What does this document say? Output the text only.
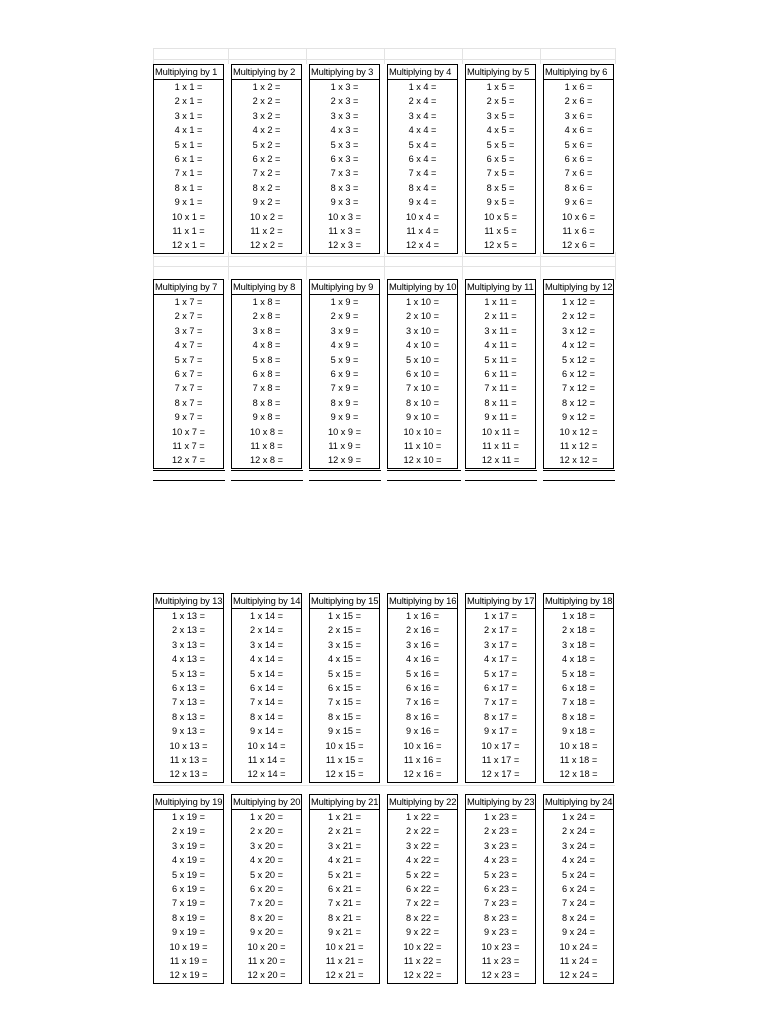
Multiplying by 1
1 x 1 =
2 x 1 =
3 x 1 =
4 x 1 =
5 x 1 =
6 x 1 =
7 x 1 =
8 x 1 =
9 x 1 =
10 x 1 =
11 x 1 =
12 x 1 =
Multiplying by 2
1 x 2 =
2 x 2 =
3 x 2 =
4 x 2 =
5 x 2 =
6 x 2 =
7 x 2 =
8 x 2 =
9 x 2 =
10 x 2 =
11 x 2 =
12 x 2 =
Multiplying by 3
1 x 3 =
2 x 3 =
3 x 3 =
4 x 3 =
5 x 3 =
6 x 3 =
7 x 3 =
8 x 3 =
9 x 3 =
10 x 3 =
11 x 3 =
12 x 3 =
Multiplying by 4
1 x 4 =
2 x 4 =
3 x 4 =
4 x 4 =
5 x 4 =
6 x 4 =
7 x 4 =
8 x 4 =
9 x 4 =
10 x 4 =
11 x 4 =
12 x 4 =
Multiplying by 5
1 x 5 =
2 x 5 =
3 x 5 =
4 x 5 =
5 x 5 =
6 x 5 =
7 x 5 =
8 x 5 =
9 x 5 =
10 x 5 =
11 x 5 =
12 x 5 =
Multiplying by 6
1 x 6 =
2 x 6 =
3 x 6 =
4 x 6 =
5 x 6 =
6 x 6 =
7 x 6 =
8 x 6 =
9 x 6 =
10 x 6 =
11 x 6 =
12 x 6 =
Multiplying by 7
1 x 7 =
2 x 7 =
3 x 7 =
4 x 7 =
5 x 7 =
6 x 7 =
7 x 7 =
8 x 7 =
9 x 7 =
10 x 7 =
11 x 7 =
12 x 7 =
Multiplying by 8
1 x 8 =
2 x 8 =
3 x 8 =
4 x 8 =
5 x 8 =
6 x 8 =
7 x 8 =
8 x 8 =
9 x 8 =
10 x 8 =
11 x 8 =
12 x 8 =
Multiplying by 9
1 x 9 =
2 x 9 =
3 x 9 =
4 x 9 =
5 x 9 =
6 x 9 =
7 x 9 =
8 x 9 =
9 x 9 =
10 x 9 =
11 x 9 =
12 x 9 =
Multiplying by 10
1 x 10 =
2 x 10 =
3 x 10 =
4 x 10 =
5 x 10 =
6 x 10 =
7 x 10 =
8 x 10 =
9 x 10 =
10 x 10 =
11 x 10 =
12 x 10 =
Multiplying by 11
1 x 11 =
2 x 11 =
3 x 11 =
4 x 11 =
5 x 11 =
6 x 11 =
7 x 11 =
8 x 11 =
9 x 11 =
10 x 11 =
11 x 11 =
12 x 11 =
Multiplying by 12
1 x 12 =
2 x 12 =
3 x 12 =
4 x 12 =
5 x 12 =
6 x 12 =
7 x 12 =
8 x 12 =
9 x 12 =
10 x 12 =
11 x 12 =
12 x 12 =
Multiplying by 13
1 x 13 =
2 x 13 =
3 x 13 =
4 x 13 =
5 x 13 =
6 x 13 =
7 x 13 =
8 x 13 =
9 x 13 =
10 x 13 =
11 x 13 =
12 x 13 =
Multiplying by 14
1 x 14 =
2 x 14 =
3 x 14 =
4 x 14 =
5 x 14 =
6 x 14 =
7 x 14 =
8 x 14 =
9 x 14 =
10 x 14 =
11 x 14 =
12 x 14 =
Multiplying by 15
1 x 15 =
2 x 15 =
3 x 15 =
4 x 15 =
5 x 15 =
6 x 15 =
7 x 15 =
8 x 15 =
9 x 15 =
10 x 15 =
11 x 15 =
12 x 15 =
Multiplying by 16
1 x 16 =
2 x 16 =
3 x 16 =
4 x 16 =
5 x 16 =
6 x 16 =
7 x 16 =
8 x 16 =
9 x 16 =
10 x 16 =
11 x 16 =
12 x 16 =
Multiplying by 17
1 x 17 =
2 x 17 =
3 x 17 =
4 x 17 =
5 x 17 =
6 x 17 =
7 x 17 =
8 x 17 =
9 x 17 =
10 x 17 =
11 x 17 =
12 x 17 =
Multiplying by 18
1 x 18 =
2 x 18 =
3 x 18 =
4 x 18 =
5 x 18 =
6 x 18 =
7 x 18 =
8 x 18 =
9 x 18 =
10 x 18 =
11 x 18 =
12 x 18 =
Multiplying by 19
1 x 19 =
2 x 19 =
3 x 19 =
4 x 19 =
5 x 19 =
6 x 19 =
7 x 19 =
8 x 19 =
9 x 19 =
10 x 19 =
11 x 19 =
12 x 19 =
Multiplying by 20
1 x 20 =
2 x 20 =
3 x 20 =
4 x 20 =
5 x 20 =
6 x 20 =
7 x 20 =
8 x 20 =
9 x 20 =
10 x 20 =
11 x 20 =
12 x 20 =
Multiplying by 21
1 x 21 =
2 x 21 =
3 x 21 =
4 x 21 =
5 x 21 =
6 x 21 =
7 x 21 =
8 x 21 =
9 x 21 =
10 x 21 =
11 x 21 =
12 x 21 =
Multiplying by 22
1 x 22 =
2 x 22 =
3 x 22 =
4 x 22 =
5 x 22 =
6 x 22 =
7 x 22 =
8 x 22 =
9 x 22 =
10 x 22 =
11 x 22 =
12 x 22 =
Multiplying by 23
1 x 23 =
2 x 23 =
3 x 23 =
4 x 23 =
5 x 23 =
6 x 23 =
7 x 23 =
8 x 23 =
9 x 23 =
10 x 23 =
11 x 23 =
12 x 23 =
Multiplying by 24
1 x 24 =
2 x 24 =
3 x 24 =
4 x 24 =
5 x 24 =
6 x 24 =
7 x 24 =
8 x 24 =
9 x 24 =
10 x 24 =
11 x 24 =
12 x 24 =
